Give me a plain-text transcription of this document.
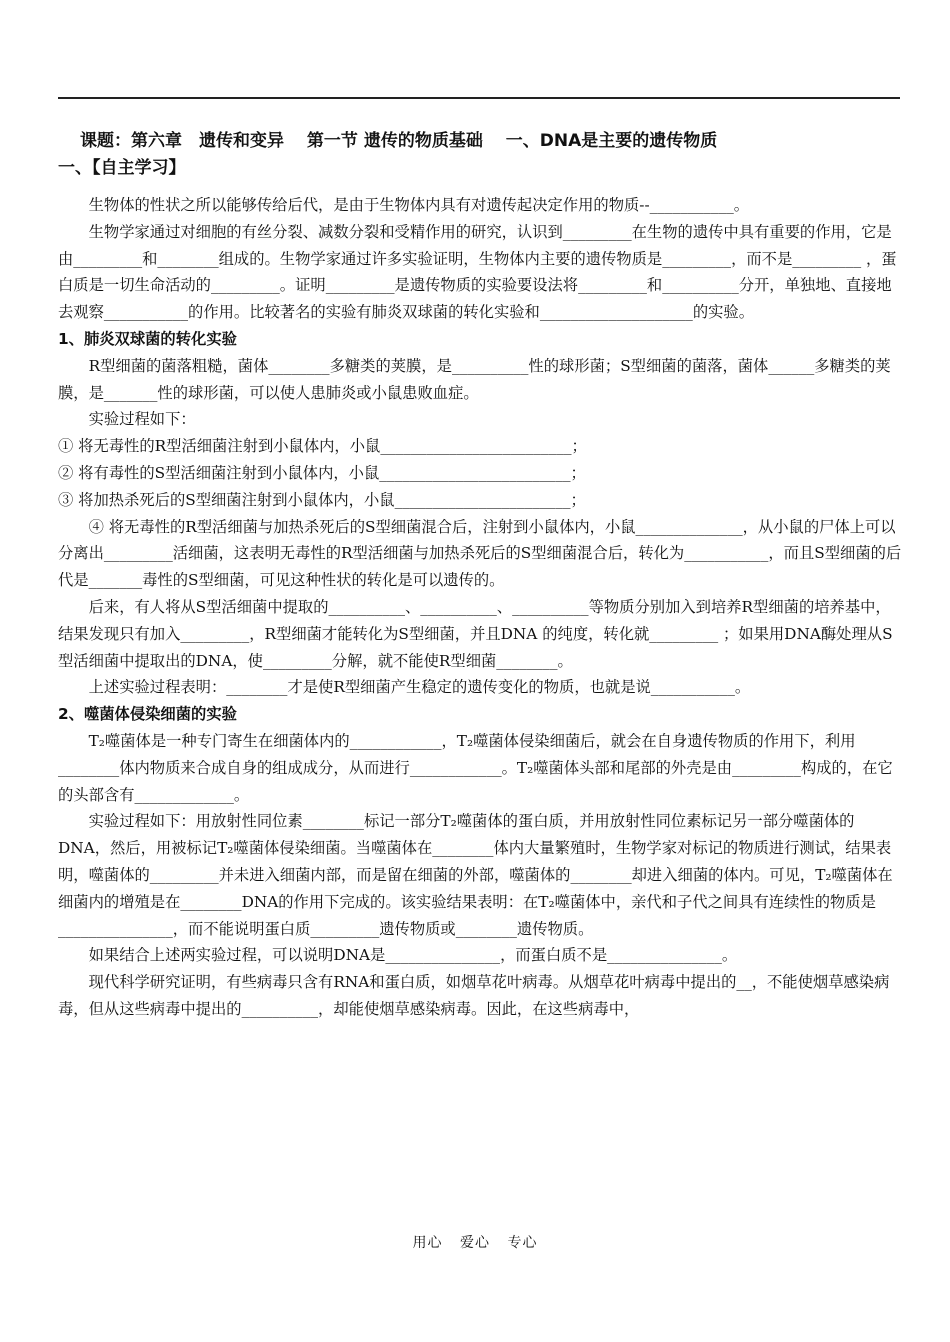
课题：第六章　遗传和变异　 第一节 遗传的物质基础　 一、DNA是主要的遗传物质
一、【自主学习】

生物体的性状之所以能够传给后代，是由于生物体内具有对遗传起决定作用的物质--___________。

生物学家通过对细胞的有丝分裂、减数分裂和受精作用的研究，认识到_________在生物的遗传中具有重要的作用，它是由_________和________组成的。生物学家通过许多实验证明，生物体内主要的遗传物质是_________，而不是_________ ，蛋白质是一切生命活动的_________。证明_________是遗传物质的实验要设法将_________和__________分开，单独地、直接地去观察___________的作用。比较著名的实验有肺炎双球菌的转化实验和____________________的实验。

1、肺炎双球菌的转化实验

R型细菌的菌落粗糙，菌体________多糖类的荚膜，是__________性的球形菌；S型细菌的菌落，菌体______多糖类的荚膜，是_______性的球形菌，可以使人患肺炎或小鼠患败血症。

实验过程如下：

① 将无毒性的R型活细菌注射到小鼠体内，小鼠_________________________；

② 将有毒性的S型活细菌注射到小鼠体内，小鼠_________________________；

③ 将加热杀死后的S型细菌注射到小鼠体内，小鼠_______________________；

④ 将无毒性的R型活细菌与加热杀死后的S型细菌混合后，注射到小鼠体内，小鼠______________，从小鼠的尸体上可以分离出_________活细菌，这表明无毒性的R型活细菌与加热杀死后的S型细菌混合后，转化为___________，而且S型细菌的后代是_______毒性的S型细菌，可见这种性状的转化是可以遗传的。

后来，有人将从S型活细菌中提取的__________、__________、__________等物质分别加入到培养R型细菌的培养基中，结果发现只有加入_________，R型细菌才能转化为S型细菌，并且DNA 的纯度，转化就_________ ；如果用DNA酶处理从S型活细菌中提取出的DNA，使_________分解，就不能使R型细菌________。

上述实验过程表明：________才是使R型细菌产生稳定的遗传变化的物质，也就是说___________。

2、噬菌体侵染细菌的实验

T₂噬菌体是一种专门寄生在细菌体内的____________，T₂噬菌体侵染细菌后，就会在自身遗传物质的作用下，利用________体内物质来合成自身的组成成分，从而进行____________。T₂噬菌体头部和尾部的外壳是由_________构成的，在它的头部含有_____________。

实验过程如下：用放射性同位素________标记一部分T₂噬菌体的蛋白质，并用放射性同位素标记另一部分噬菌体的DNA，然后，用被标记T₂噬菌体侵染细菌。当噬菌体在________体内大量繁殖时，生物学家对标记的物质进行测试，结果表明，噬菌体的_________并未进入细菌内部，而是留在细菌的外部，噬菌体的________却进入细菌的体内。可见，T₂噬菌体在细菌内的增殖是在________DNA的作用下完成的。该实验结果表明：在T₂噬菌体中，亲代和子代之间具有连续性的物质是_______________，而不能说明蛋白质_________遗传物质或________遗传物质。

如果结合上述两实验过程，可以说明DNA是_______________，而蛋白质不是_______________。

现代科学研究证明，有些病毒只含有RNA和蛋白质，如烟草花叶病毒。从烟草花叶病毒中提出的__，不能使烟草感染病毒，但从这些病毒中提出的__________，却能使烟草感染病毒。因此，在这些病毒中，

用心 爱心 专心
